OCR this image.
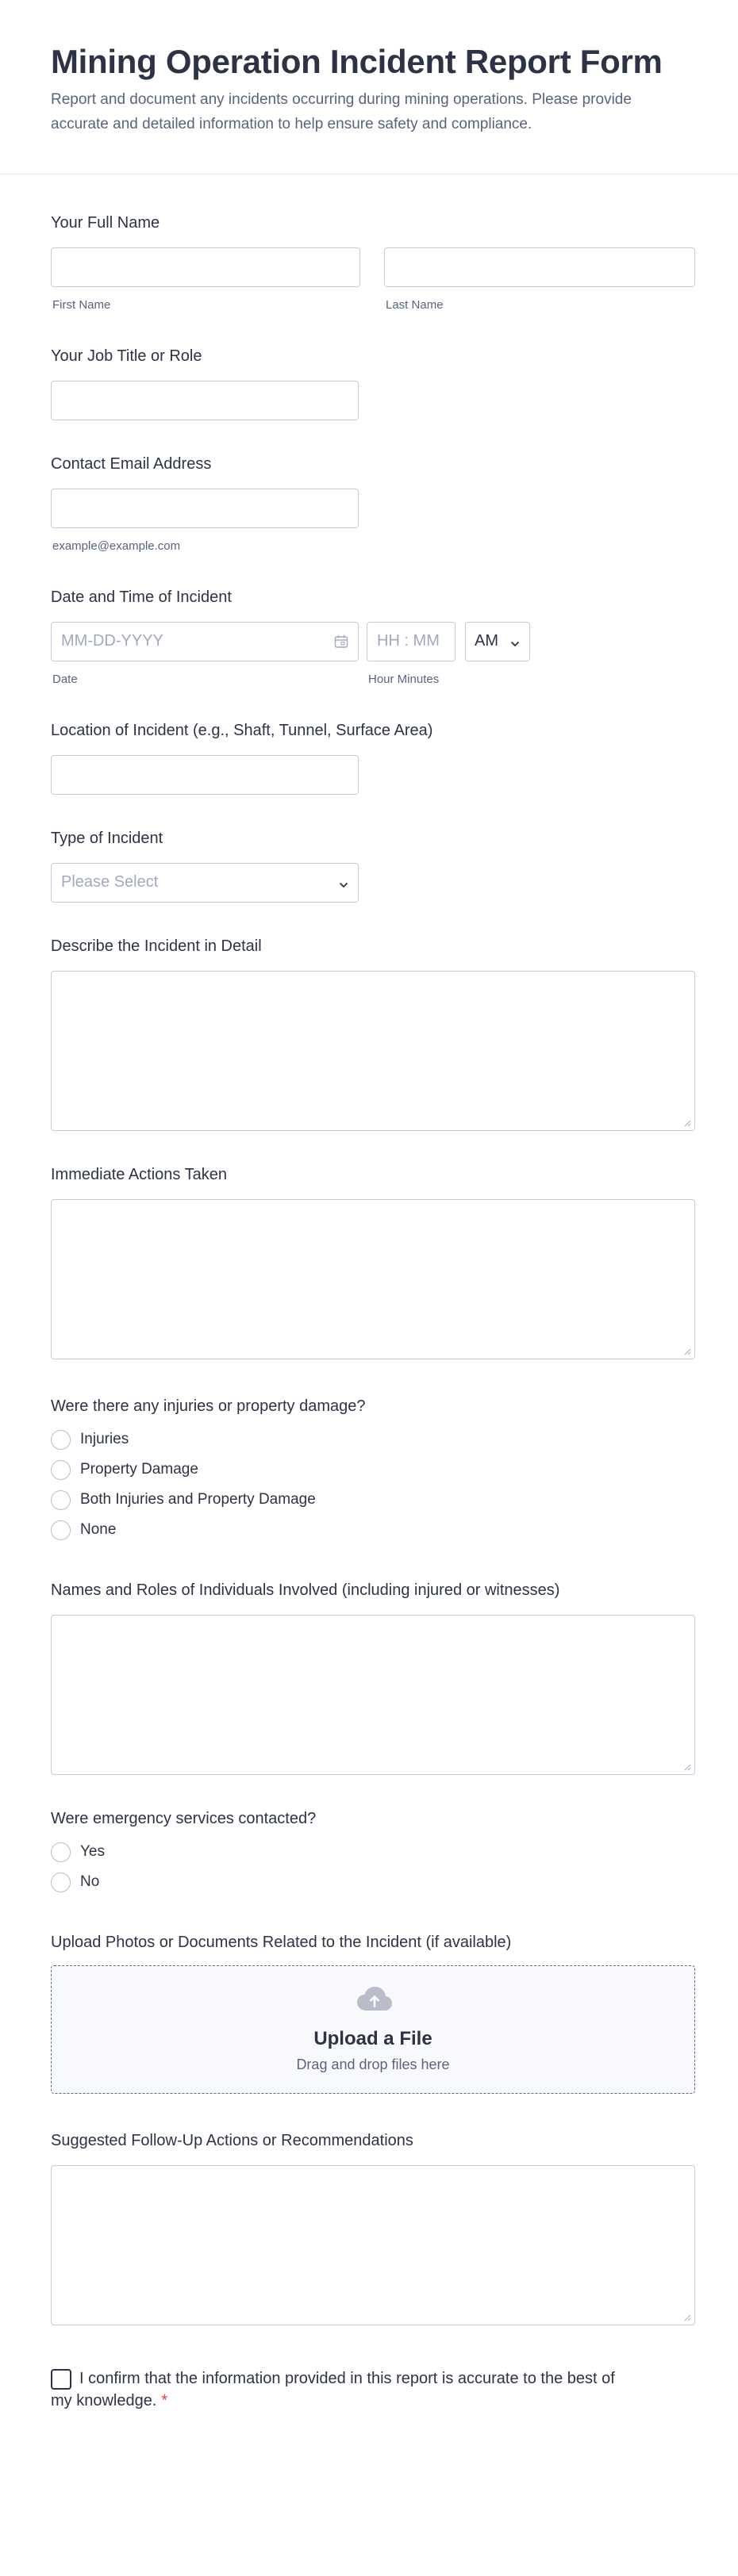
Mining Operation Incident Report Form

Report and document any incidents occurring during mining operations. Please provide accurate and detailed information to help ensure safety and compliance.

Your Full Name
First Name	Last Name
Your Job Title or Role
Contact Email Address
example@example.com
Date and Time of Incident
MM-DD-YYYY
Date
HH : MM
Hour Minutes
AM
Location of Incident (e.g., Shaft, Tunnel, Surface Area)
Type of Incident
Please Select
Describe the Incident in Detail
Immediate Actions Taken
Were there any injuries or property damage?
Injuries
Property Damage
Both Injuries and Property Damage
None
Names and Roles of Individuals Involved (including injured or witnesses)
Were emergency services contacted?
Yes
No
Upload Photos or Documents Related to the Incident (if available)
Upload a File
Drag and drop files here
Suggested Follow-Up Actions or Recommendations

I confirm that the information provided in this report is accurate to the best of my knowledge. *
